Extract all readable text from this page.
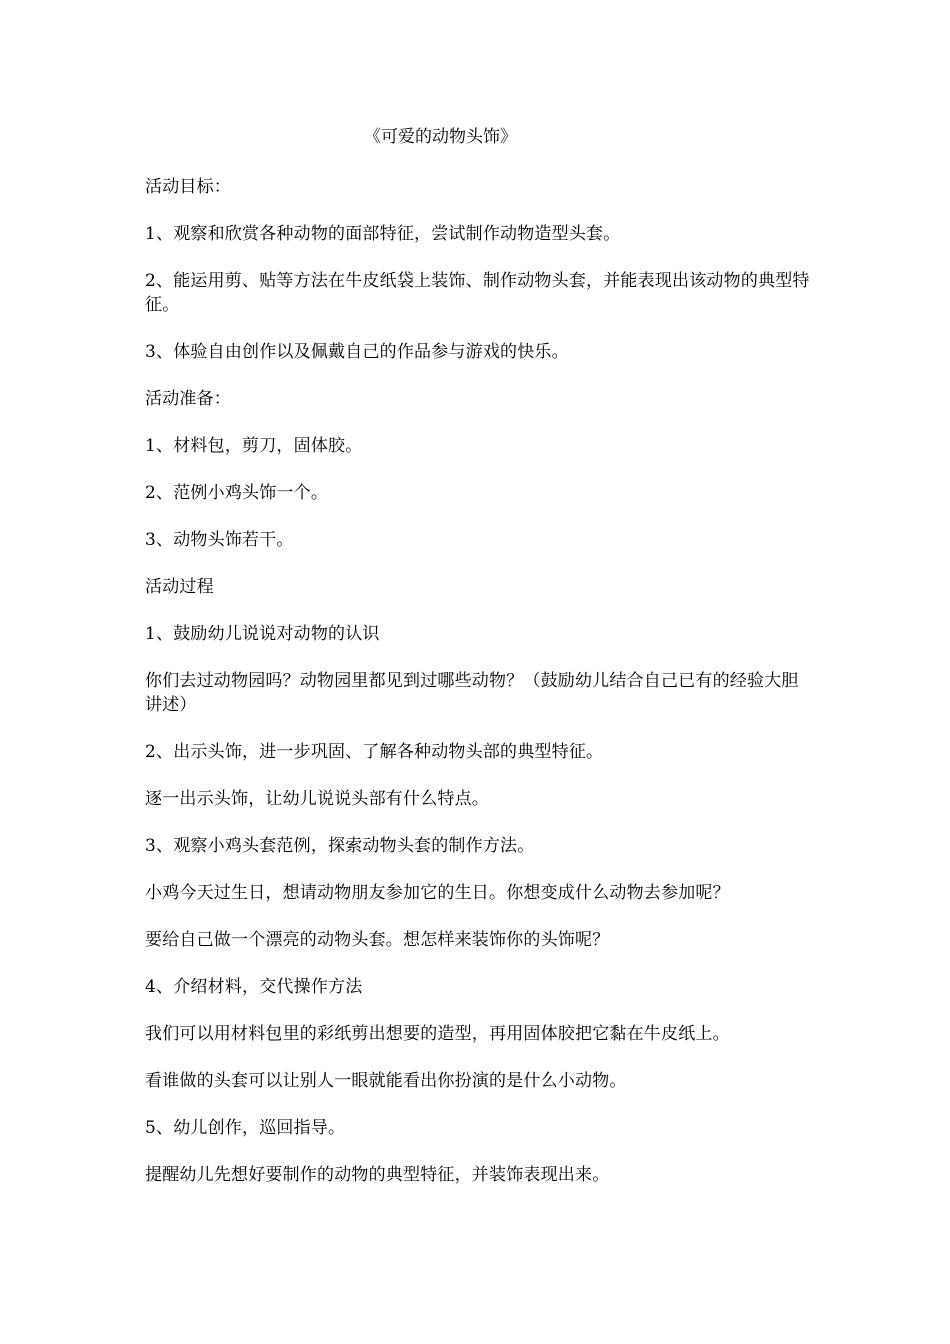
《可爱的动物头饰》

活动目标：

1、观察和欣赏各种动物的面部特征，尝试制作动物造型头套。

2、能运用剪、贴等方法在牛皮纸袋上装饰、制作动物头套，并能表现出该动物的典型特征。

3、体验自由创作以及佩戴自己的作品参与游戏的快乐。

活动准备：

1、材料包，剪刀，固体胶。

2、范例小鸡头饰一个。

3、动物头饰若干。

活动过程

1、鼓励幼儿说说对动物的认识

你们去过动物园吗？动物园里都见到过哪些动物？（鼓励幼儿结合自己已有的经验大胆讲述）

2、出示头饰，进一步巩固、了解各种动物头部的典型特征。

逐一出示头饰，让幼儿说说头部有什么特点。

3、观察小鸡头套范例，探索动物头套的制作方法。

小鸡今天过生日，想请动物朋友参加它的生日。你想变成什么动物去参加呢？

要给自己做一个漂亮的动物头套。想怎样来装饰你的头饰呢？

4、介绍材料，交代操作方法

我们可以用材料包里的彩纸剪出想要的造型，再用固体胶把它黏在牛皮纸上。

看谁做的头套可以让别人一眼就能看出你扮演的是什么小动物。

5、幼儿创作，巡回指导。

提醒幼儿先想好要制作的动物的典型特征，并装饰表现出来。
